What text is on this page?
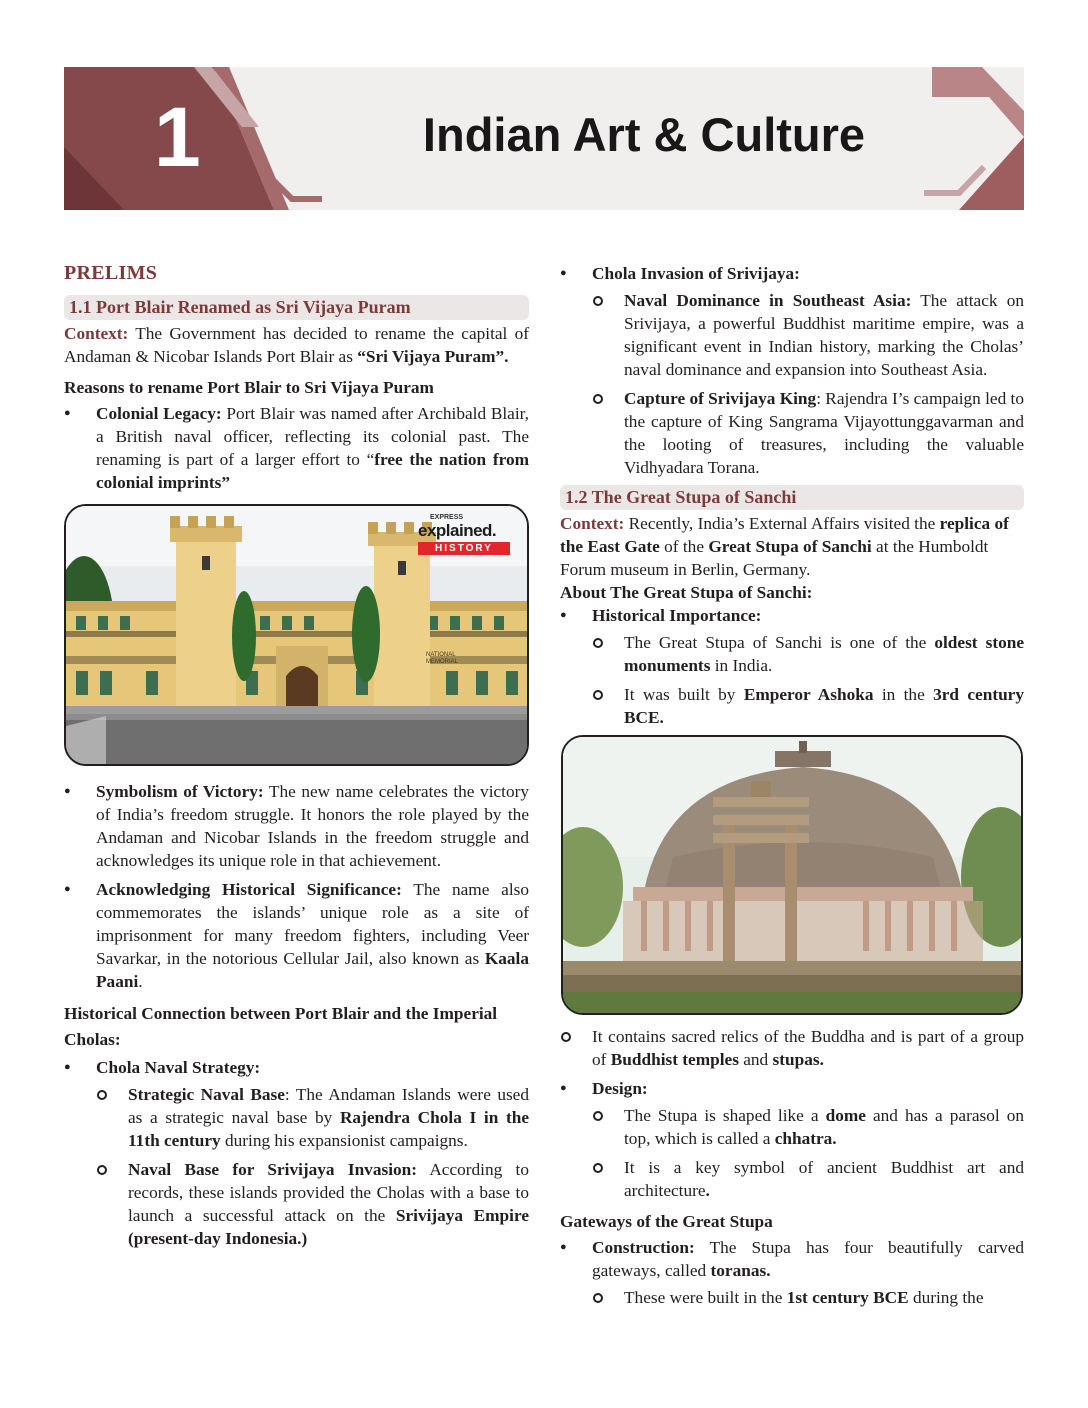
1	Indian Art & Culture
PRELIMS
1.1 Port Blair Renamed as Sri Vijaya Puram

Context: The Government has decided to rename the capital of Andaman & Nicobar Islands Port Blair as “Sri Vijaya Puram”.

Reasons to rename Port Blair to Sri Vijaya Puram
● Colonial Legacy: Port Blair was named after Archibald Blair, a British naval officer, reflecting its colonial past. The renaming is part of a larger effort to “free the nation from colonial imprints”
EXPRESS
explained.
HISTORY
NATIONAL MEMORIAL
● Symbolism of Victory: The new name celebrates the victory of India’s freedom struggle. It honors the role played by the Andaman and Nicobar Islands in the freedom struggle and acknowledges its unique role in that achievement.
● Acknowledging Historical Significance: The name also commemorates the islands’ unique role as a site of imprisonment for many freedom fighters, including Veer Savarkar, in the notorious Cellular Jail, also known as Kaala Paani.
Historical Connection between Port Blair and the Imperial Cholas:
● Chola Naval Strategy:
Strategic Naval Base: The Andaman Islands were used as a strategic naval base by Rajendra Chola I in the 11th century during his expansionist campaigns.
Naval Base for Srivijaya Invasion: According to records, these islands provided the Cholas with a base to launch a successful attack on the Srivijaya Empire (present-day Indonesia.)
● Chola Invasion of Srivijaya:
Naval Dominance in Southeast Asia: The attack on Srivijaya, a powerful Buddhist maritime empire, was a significant event in Indian history, marking the Cholas’ naval dominance and expansion into Southeast Asia.
Capture of Srivijaya King: Rajendra I’s campaign led to the capture of King Sangrama Vijayottunggavarman and the looting of treasures, including the valuable Vidhyadara Torana.
1.2 The Great Stupa of Sanchi

Context: Recently, India’s External Affairs visited the replica of the East Gate of the Great Stupa of Sanchi at the Humboldt Forum museum in Berlin, Germany.

About The Great Stupa of Sanchi:
● Historical Importance:
The Great Stupa of Sanchi is one of the oldest stone monuments in India.
It was built by Emperor Ashoka in the 3rd century BCE.
It contains sacred relics of the Buddha and is part of a group of Buddhist temples and stupas.
● Design:
The Stupa is shaped like a dome and has a parasol on top, which is called a chhatra.
It is a key symbol of ancient Buddhist art and architecture.
Gateways of the Great Stupa
● Construction: The Stupa has four beautifully carved gateways, called toranas.
These were built in the 1st century BCE during the
